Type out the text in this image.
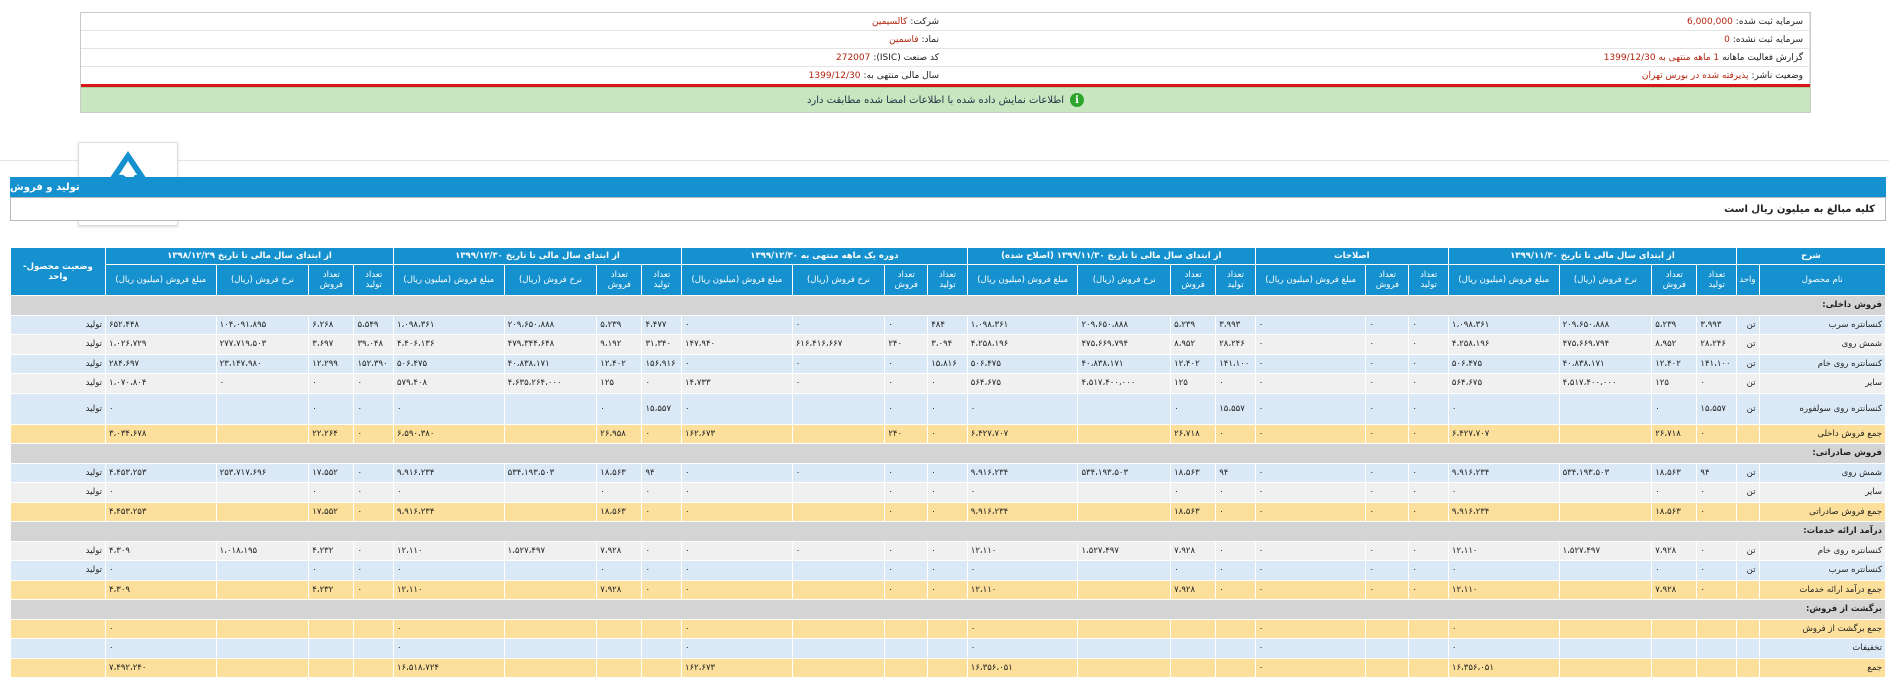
شرکت:
کالسیمین	سرمایه ثبت شده:
6,000,000
نماد:
فاسمین	سرمایه ثبت نشده:
0
کد صنعت (ISIC):
272007	گزارش فعالیت ماهانه
1 ماهه منتهی به 1399/12/30
سال مالی منتهی به:
1399/12/30	وضعیت ناشر:
پذیرفته شده در بورس تهران
i
اطلاعات نمایش داده شده با اطلاعات امضا شده مطابقت دارد
تولید و فروش
کلیه مبالغ به میلیون ریال است
شرح		از ابتدای سال مالی تا تاریخ ۱۳۹۹/۱۱/۳۰				اصلاحات			از ابتدای سال مالی تا تاریخ ۱۳۹۹/۱۱/۳۰ (اصلاح شده)				دوره یک ماهه منتهی به ۱۳۹۹/۱۲/۳۰				از ابتدای سال مالی تا تاریخ ۱۳۹۹/۱۲/۳۰				از ابتدای سال مالی تا تاریخ ۱۳۹۸/۱۲/۲۹				وضعیت محصول- واحد
نام محصول	واحد	تعداد تولید	تعداد فروش	نرخ فروش (ریال)	مبلغ فروش (میلیون ریال)	تعداد تولید	تعداد فروش	مبلغ فروش (میلیون ریال)	تعداد تولید	تعداد فروش	نرخ فروش (ریال)	مبلغ فروش (میلیون ریال)	تعداد تولید	تعداد فروش	نرخ فروش (ریال)	مبلغ فروش (میلیون ریال)	تعداد تولید	تعداد فروش	نرخ فروش (ریال)	مبلغ فروش (میلیون ریال)	تعداد تولید	تعداد فروش	نرخ فروش (ریال)	مبلغ فروش (میلیون ریال)	
فروش داخلی:																									
کنسانتره سرب	تن	۳،۹۹۳	۵،۲۳۹	۲۰۹،۶۵۰،۸۸۸	۱،۰۹۸،۳۶۱	۰	۰	۰	۳،۹۹۳	۵،۲۳۹	۲۰۹،۶۵۰،۸۸۸	۱،۰۹۸،۳۶۱	۴۸۴	۰	۰	۰	۴،۴۷۷	۵،۲۳۹	۲۰۹،۶۵۰،۸۸۸	۱،۰۹۸،۳۶۱	۵،۵۴۹	۶،۲۶۸	۱۰۴،۰۹۱،۸۹۵	۶۵۲،۴۴۸	تولید
شمش روی	تن	۲۸،۲۴۶	۸،۹۵۲	۴۷۵،۶۶۹،۷۹۴	۴،۲۵۸،۱۹۶	۰	۰	۰	۲۸،۲۴۶	۸،۹۵۲	۴۷۵،۶۶۹،۷۹۴	۴،۲۵۸،۱۹۶	۳،۰۹۴	۲۴۰	۶۱۶،۴۱۶،۶۶۷	۱۴۷،۹۴۰	۳۱،۳۴۰	۹،۱۹۲	۴۷۹،۳۴۴،۶۴۸	۴،۴۰۶،۱۳۶	۳۹،۰۴۸	۳،۶۹۷	۲۷۷،۷۱۹،۵۰۳	۱،۰۲۶،۷۲۹	تولید
کنسانتره روی خام	تن	۱۴۱،۱۰۰	۱۲،۴۰۲	۴۰،۸۳۸،۱۷۱	۵۰۶،۴۷۵	۰	۰	۰	۱۴۱،۱۰۰	۱۲،۴۰۲	۴۰،۸۳۸،۱۷۱	۵۰۶،۴۷۵	۱۵،۸۱۶	۰	۰	۰	۱۵۶،۹۱۶	۱۲،۴۰۲	۴۰،۸۳۸،۱۷۱	۵۰۶،۴۷۵	۱۵۲،۳۹۰	۱۲،۲۹۹	۲۳،۱۴۷،۹۸۰	۲۸۴،۶۹۷	تولید
سایر	تن	۰	۱۲۵	۴،۵۱۷،۴۰۰،۰۰۰	۵۶۴،۶۷۵	۰	۰	۰	۰	۱۲۵	۴،۵۱۷،۴۰۰،۰۰۰	۵۶۴،۶۷۵	۰	۰	۰	۱۴،۷۳۳	۰	۱۲۵	۴،۶۳۵،۲۶۴،۰۰۰	۵۷۹،۴۰۸	۰	۰	۰	۱،۰۷۰،۸۰۴	تولید
کنسانتره روی سولفوره	تن	۱۵،۵۵۷	۰		۰	۰	۰	۰	۱۵،۵۵۷	۰		۰	۰	۰		۰	۱۵،۵۵۷	۰		۰	۰	۰		۰	تولید
جمع فروش داخلی		۰	۲۶،۷۱۸		۶،۴۲۷،۷۰۷	۰	۰	۰	۰	۲۶،۷۱۸		۶،۴۲۷،۷۰۷	۰	۲۴۰		۱۶۲،۶۷۳	۰	۲۶،۹۵۸		۶،۵۹۰،۳۸۰	۰	۲۲،۲۶۴		۳،۰۳۴،۶۷۸	
فروش صادراتی:																									
شمش روی	تن	۹۴	۱۸،۵۶۳	۵۳۴،۱۹۳،۵۰۳	۹،۹۱۶،۲۳۴	۰	۰	۰	۹۴	۱۸،۵۶۳	۵۳۴،۱۹۳،۵۰۳	۹،۹۱۶،۲۳۴	۰	۰	۰	۰	۹۴	۱۸،۵۶۳	۵۳۴،۱۹۳،۵۰۳	۹،۹۱۶،۲۳۴	۰	۱۷،۵۵۲	۲۵۳،۷۱۷،۶۹۶	۴،۴۵۳،۲۵۳	تولید
سایر	تن	۰	۰		۰	۰	۰	۰	۰	۰		۰	۰	۰		۰	۰	۰		۰	۰	۰		۰	تولید
جمع فروش صادراتی		۰	۱۸،۵۶۳		۹،۹۱۶،۲۳۴	۰	۰	۰	۰	۱۸،۵۶۳		۹،۹۱۶،۲۳۴	۰	۰		۰	۰	۱۸،۵۶۳		۹،۹۱۶،۲۳۴	۰	۱۷،۵۵۲		۴،۴۵۳،۲۵۳	
درآمد ارائه خدمات:																									
کنسانتره روی خام	تن	۰	۷،۹۲۸	۱،۵۲۷،۴۹۷	۱۲،۱۱۰	۰	۰	۰	۰	۷،۹۲۸	۱،۵۲۷،۴۹۷	۱۲،۱۱۰	۰	۰	۰	۰	۰	۷،۹۲۸	۱،۵۲۷،۴۹۷	۱۲،۱۱۰	۰	۴،۲۳۲	۱،۰۱۸،۱۹۵	۴،۳۰۹	تولید
کنسانتره سرب	تن	۰	۰		۰	۰	۰	۰	۰	۰		۰	۰	۰		۰	۰	۰		۰	۰	۰		۰	تولید
جمع درآمد ارائه خدمات		۰	۷،۹۲۸		۱۲،۱۱۰	۰	۰	۰	۰	۷،۹۲۸		۱۲،۱۱۰	۰	۰		۰	۰	۷،۹۲۸		۱۲،۱۱۰	۰	۴،۲۳۲		۴،۳۰۹	
برگشت از فروش:																									
جمع برگشت از فروش					۰			۰				۰				۰				۰				۰	
تخفیفات					۰			۰				۰				۰				۰				۰	
جمع					۱۶،۳۵۶،۰۵۱			۰				۱۶،۳۵۶،۰۵۱				۱۶۲،۶۷۳				۱۶،۵۱۸،۷۲۴				۷،۴۹۲،۲۴۰	
